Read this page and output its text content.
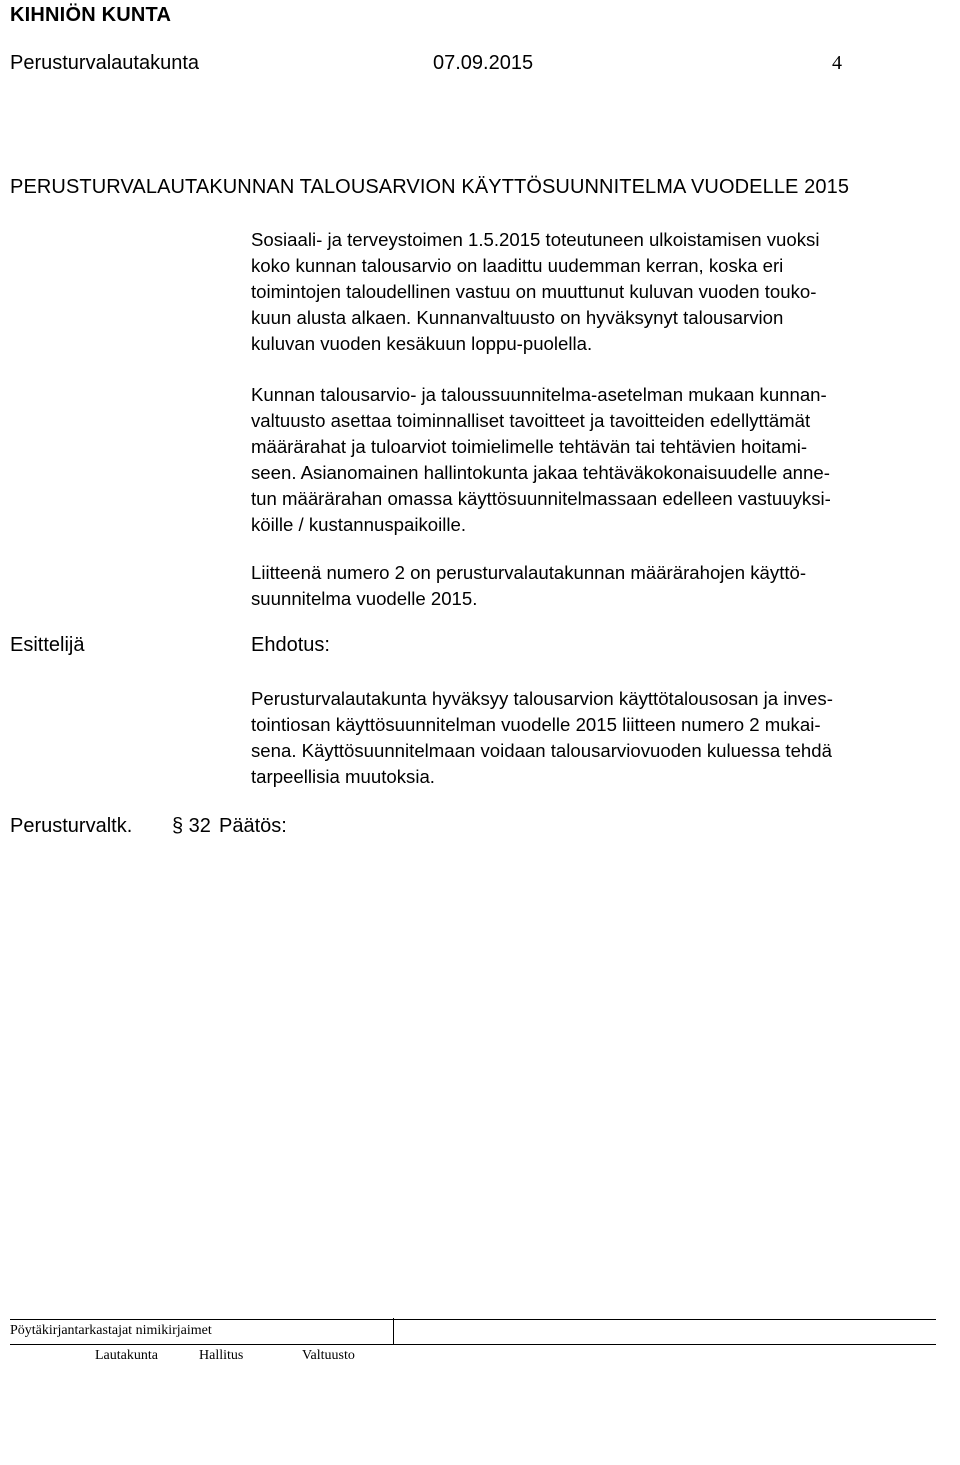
KIHNIÖN KUNTA
Perusturvalautakunta	07.09.2015	4
PERUSTURVALAUTAKUNNAN TALOUSARVION KÄYTTÖSUUNNITELMA VUODELLE 2015
Sosiaali- ja terveystoimen 1.5.2015 toteutuneen ulkoistamisen vuoksi
koko kunnan talousarvio on laadittu uudemman kerran, koska eri
toimintojen taloudellinen vastuu on muuttunut kuluvan vuoden touko-
kuun alusta alkaen. Kunnanvaltuusto on hyväksynyt talousarvion
kuluvan vuoden kesäkuun loppu-puolella.
Kunnan talousarvio- ja taloussuunnitelma-asetelman mukaan kunnan-
valtuusto asettaa toiminnalliset tavoitteet ja tavoitteiden edellyttämät
määrärahat ja tuloarviot toimielimelle tehtävän tai tehtävien hoitami-
seen. Asianomainen hallintokunta jakaa tehtäväkokonaisuudelle anne-
tun määrärahan omassa käyttösuunnitelmassaan edelleen vastuuyksi-
köille / kustannuspaikoille.
Liitteenä numero 2 on perusturvalautakunnan määrärahojen käyttö-
suunnitelma vuodelle 2015.
Esittelijä	Ehdotus:
Perusturvalautakunta hyväksyy talousarvion käyttötalousosan ja inves-
tointiosan käyttösuunnitelman vuodelle 2015 liitteen numero 2 mukai-
sena. Käyttösuunnitelmaan voidaan talousarviovuoden kuluessa tehdä
tarpeellisia muutoksia.
Perusturvaltk. § 32 Päätös:
Pöytäkirjantarkastajat nimikirjaimet
Lautakunta	Hallitus	Valtuusto
